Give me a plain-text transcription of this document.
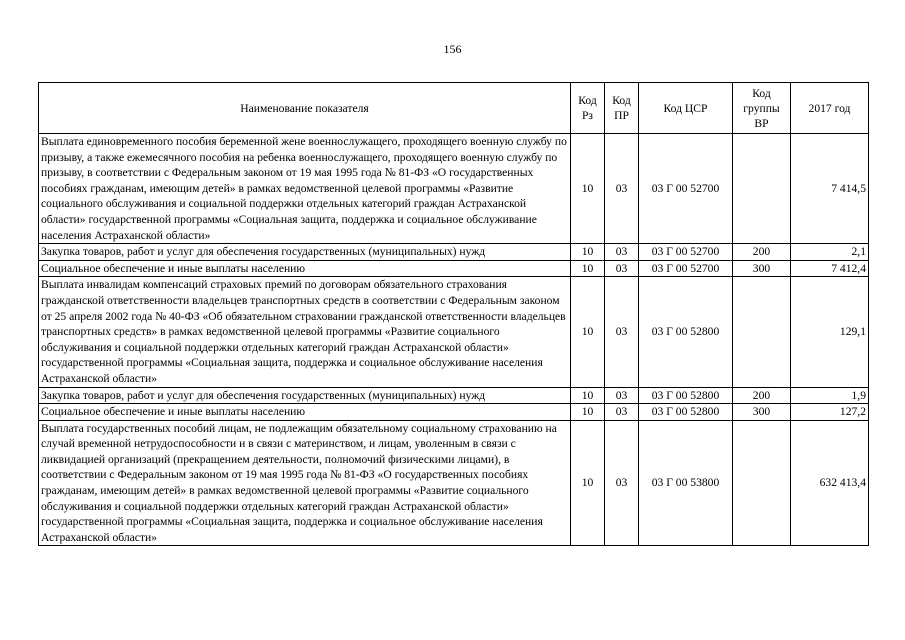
156
Наименование показателя	Код Рз	Код ПР	Код ЦСР	Код группы ВР	2017 год
Выплата единовременного пособия беременной жене военнослужащего, проходящего военную службу по призыву, а также ежемесячного пособия на ребенка военнослужащего, проходящего военную службу по призыву, в соответствии с Федеральным законом от 19 мая 1995 года № 81-ФЗ «О государственных пособиях гражданам, имеющим детей» в рамках ведомственной целевой программы «Развитие социального обслуживания и социальной поддержки отдельных категорий граждан Астраханской области» государственной программы «Социальная защита, поддержка и социальное обслуживание населения Астраханской области»	10	03	03 Г 00 52700		7 414,5
Закупка товаров, работ и услуг для обеспечения государственных (муниципальных) нужд	10	03	03 Г 00 52700	200	2,1
Социальное обеспечение и иные выплаты населению	10	03	03 Г 00 52700	300	7 412,4
Выплата инвалидам компенсаций страховых премий по договорам обязательного страхования гражданской ответственности владельцев транспортных средств в соответствии с Федеральным законом от 25 апреля 2002 года № 40-ФЗ «Об обязательном страховании гражданской ответственности владельцев транспортных средств» в рамках ведомственной целевой программы «Развитие социального обслуживания и социальной поддержки отдельных категорий граждан Астраханской области» государственной программы «Социальная защита, поддержка и социальное обслуживание населения Астраханской области»	10	03	03 Г 00 52800		129,1
Закупка товаров, работ и услуг для обеспечения государственных (муниципальных) нужд	10	03	03 Г 00 52800	200	1,9
Социальное обеспечение и иные выплаты населению	10	03	03 Г 00 52800	300	127,2
Выплата государственных пособий лицам, не подлежащим обязательному социальному страхованию на случай временной нетрудоспособности и в связи с материнством, и лицам, уволенным в связи с ликвидацией организаций (прекращением деятельности, полномочий физическими лицами), в соответствии с Федеральным законом от 19 мая 1995 года № 81-ФЗ «О государственных пособиях гражданам, имеющим детей» в рамках ведомственной целевой программы «Развитие социального обслуживания и социальной поддержки отдельных категорий граждан Астраханской области» государственной программы «Социальная защита, поддержка и социальное обслуживание населения Астраханской области»	10	03	03 Г 00 53800		632 413,4
